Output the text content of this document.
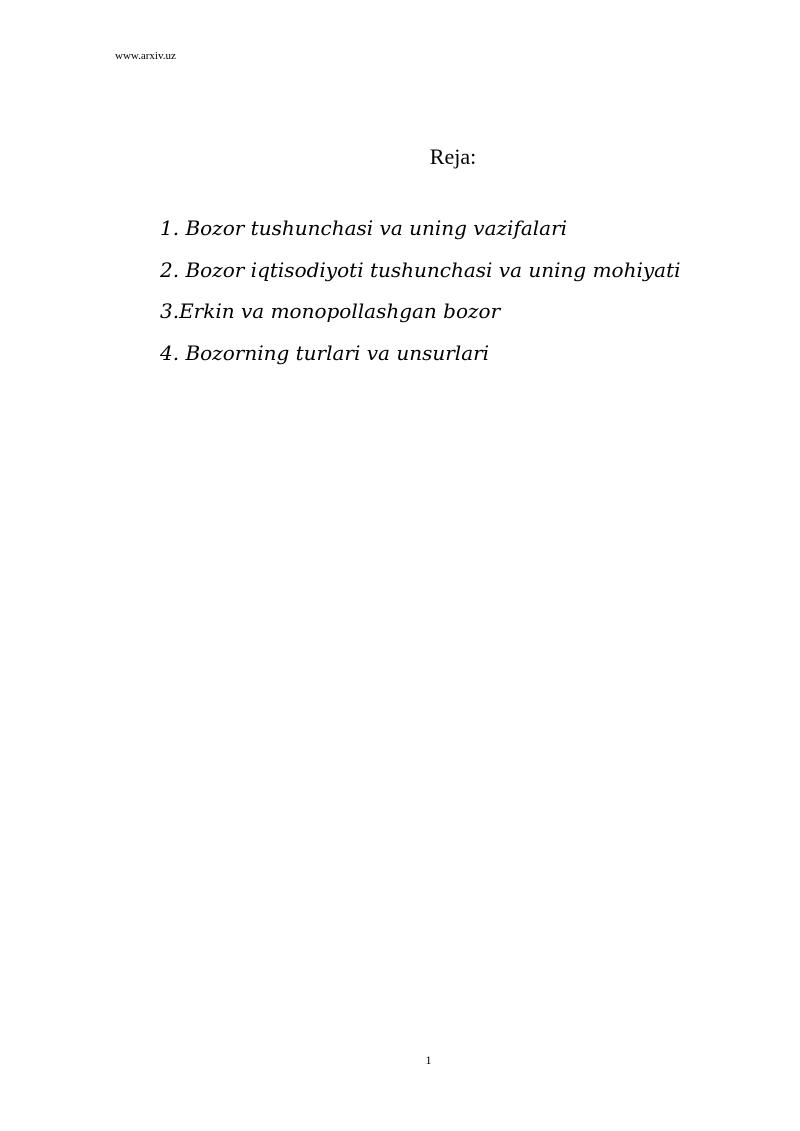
www.arxiv.uz
Reja:
1. Bozor tushunchasi va uning vazifalari
2. Bozor iqtisodiyoti tushunchasi va uning mohiyati
3.Erkin va monopollashgan bozor
4. Bozorning turlari va unsurlari
1
